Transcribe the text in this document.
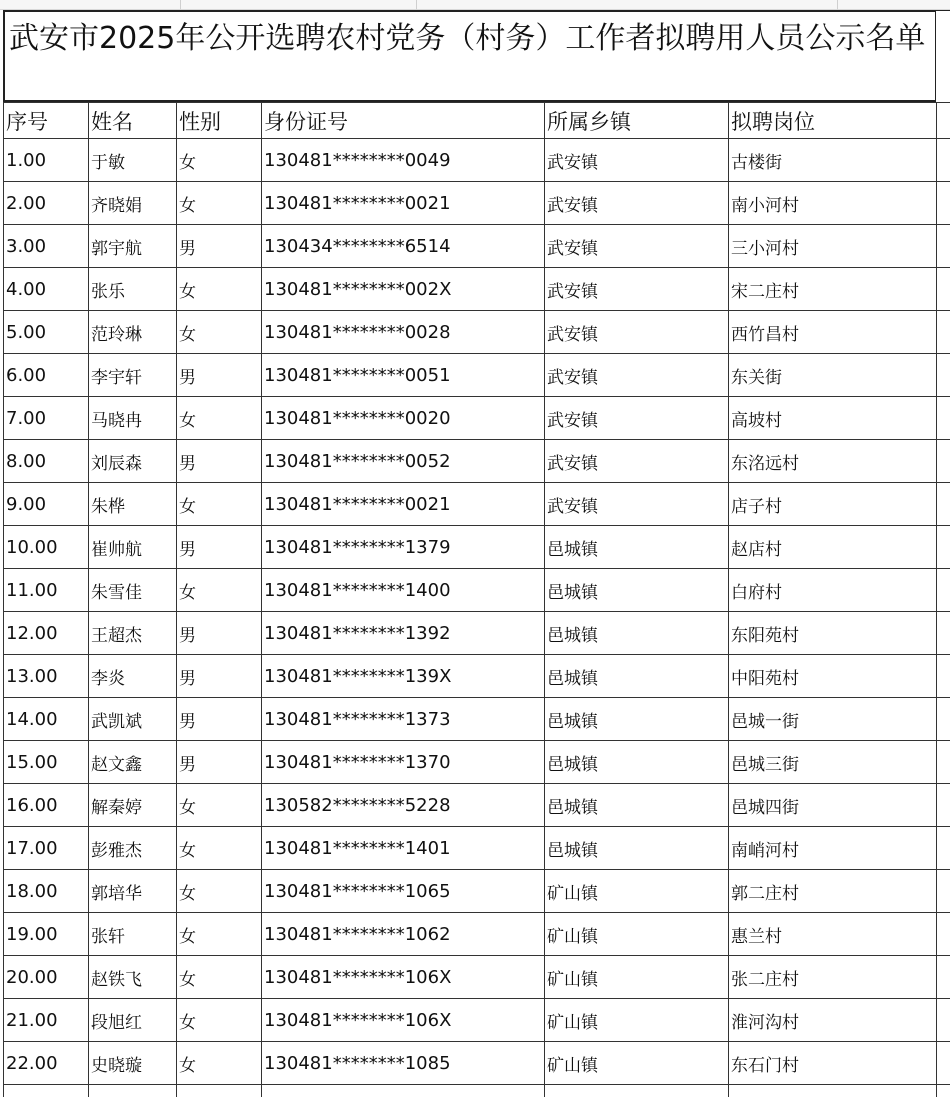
武安市2025年公开选聘农村党务（村务）工作者拟聘用人员公示名单
序号	姓名	性别	身份证号	所属乡镇	拟聘岗位	
1.00	于敏	女	130481********0049	武安镇	古楼街	
2.00	齐晓娟	女	130481********0021	武安镇	南小河村	
3.00	郭宇航	男	130434********6514	武安镇	三小河村	
4.00	张乐	女	130481********002X	武安镇	宋二庄村	
5.00	范玲琳	女	130481********0028	武安镇	西竹昌村	
6.00	李宇轩	男	130481********0051	武安镇	东关街	
7.00	马晓冉	女	130481********0020	武安镇	高坡村	
8.00	刘辰森	男	130481********0052	武安镇	东洺远村	
9.00	朱桦	女	130481********0021	武安镇	店子村	
10.00	崔帅航	男	130481********1379	邑城镇	赵店村	
11.00	朱雪佳	女	130481********1400	邑城镇	白府村	
12.00	王超杰	男	130481********1392	邑城镇	东阳苑村	
13.00	李炎	男	130481********139X	邑城镇	中阳苑村	
14.00	武凯斌	男	130481********1373	邑城镇	邑城一街	
15.00	赵文鑫	男	130481********1370	邑城镇	邑城三街	
16.00	解秦婷	女	130582********5228	邑城镇	邑城四街	
17.00	彭雅杰	女	130481********1401	邑城镇	南峭河村	
18.00	郭培华	女	130481********1065	矿山镇	郭二庄村	
19.00	张轩	女	130481********1062	矿山镇	惠兰村	
20.00	赵铁飞	女	130481********106X	矿山镇	张二庄村	
21.00	段旭红	女	130481********106X	矿山镇	淮河沟村	
22.00	史晓璇	女	130481********1085	矿山镇	东石门村	
